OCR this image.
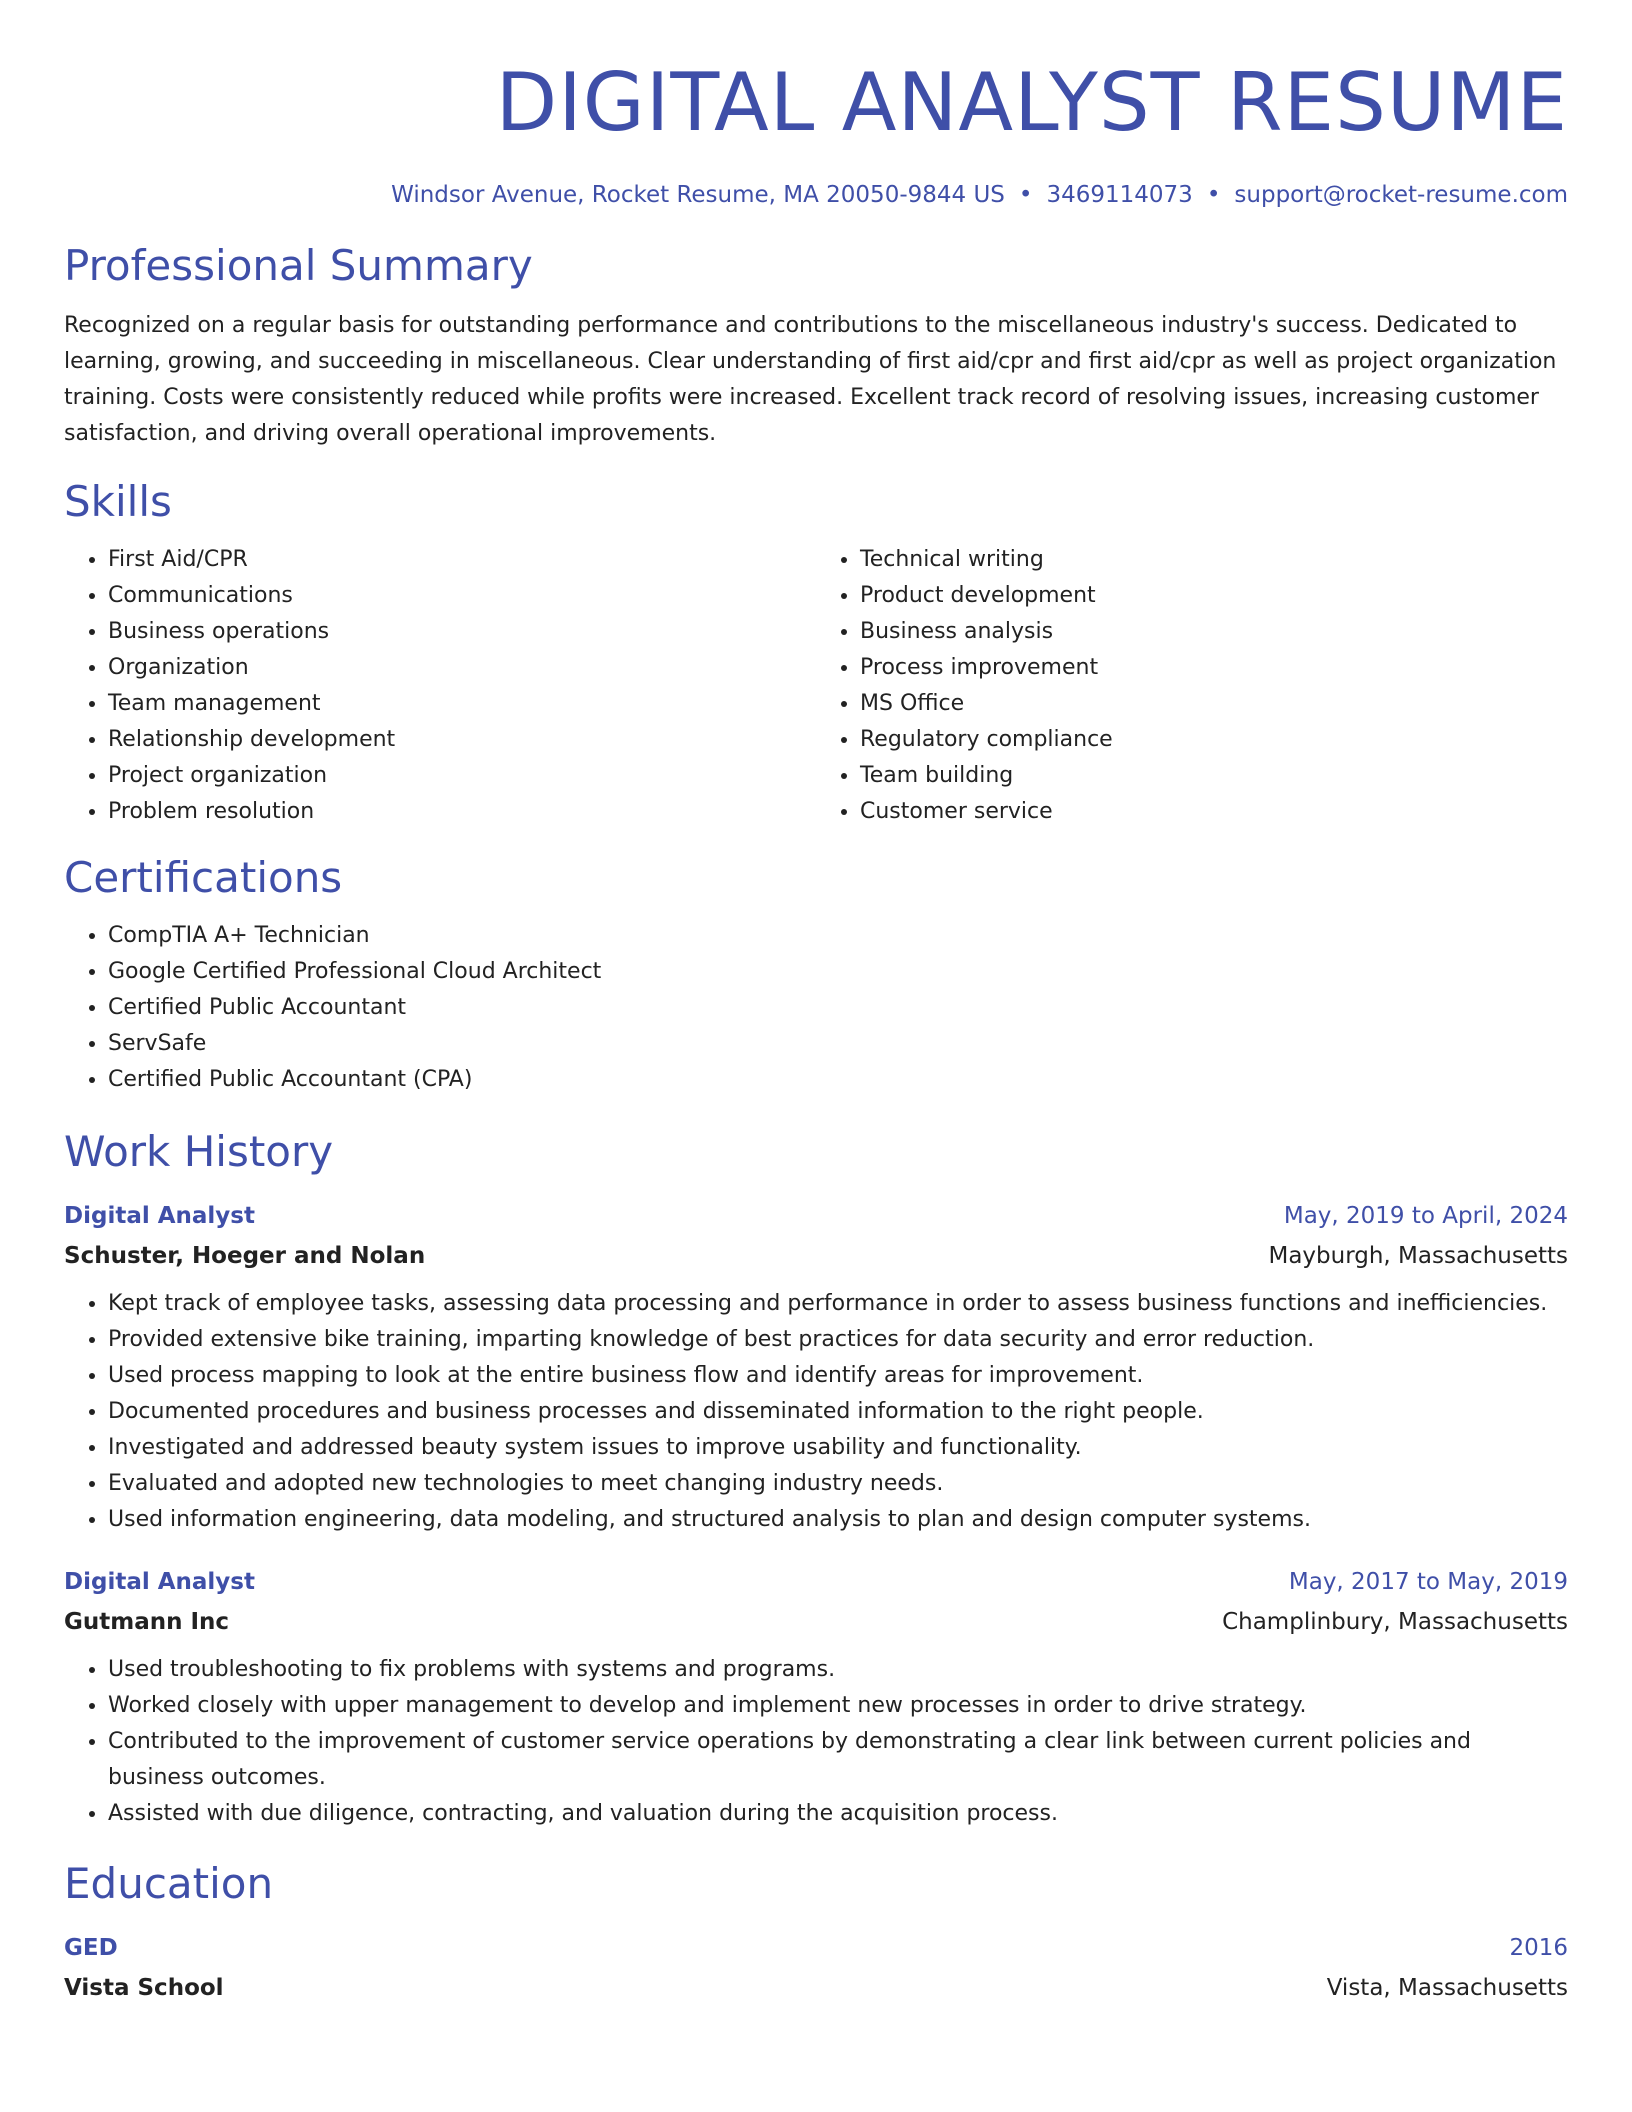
DIGITAL ANALYST RESUME
Windsor Avenue, Rocket Resume, MA 20050-9844 US • 3469114073 • support@rocket-resume.com
Professional Summary

Recognized on a regular basis for outstanding performance and contributions to the miscellaneous industry's success. Dedicated to learning, growing, and succeeding in miscellaneous. Clear understanding of first aid/cpr and first aid/cpr as well as project organization training. Costs were consistently reduced while profits were increased. Excellent track record of resolving issues, increasing customer satisfaction, and driving overall operational improvements.

Skills
• First Aid/CPR
• Communications
• Business operations
• Organization
• Team management
• Relationship development
• Project organization
• Problem resolution
• Technical writing
• Product development
• Business analysis
• Process improvement
• MS Office
• Regulatory compliance
• Team building
• Customer service
Certifications
• CompTIA A+ Technician
• Google Certified Professional Cloud Architect
• Certified Public Accountant
• ServSafe
• Certified Public Accountant (CPA)
Work History
Digital Analyst	May, 2019 to April, 2024
Schuster, Hoeger and Nolan	Mayburgh, Massachusetts
• Kept track of employee tasks, assessing data processing and performance in order to assess business functions and inefficiencies.
• Provided extensive bike training, imparting knowledge of best practices for data security and error reduction.
• Used process mapping to look at the entire business flow and identify areas for improvement.
• Documented procedures and business processes and disseminated information to the right people.
• Investigated and addressed beauty system issues to improve usability and functionality.
• Evaluated and adopted new technologies to meet changing industry needs.
• Used information engineering, data modeling, and structured analysis to plan and design computer systems.
Digital Analyst	May, 2017 to May, 2019
Gutmann Inc	Champlinbury, Massachusetts
• Used troubleshooting to fix problems with systems and programs.
• Worked closely with upper management to develop and implement new processes in order to drive strategy.
• Contributed to the improvement of customer service operations by demonstrating a clear link between current policies and business outcomes.
• Assisted with due diligence, contracting, and valuation during the acquisition process.
Education
GED	2016
Vista School	Vista, Massachusetts
